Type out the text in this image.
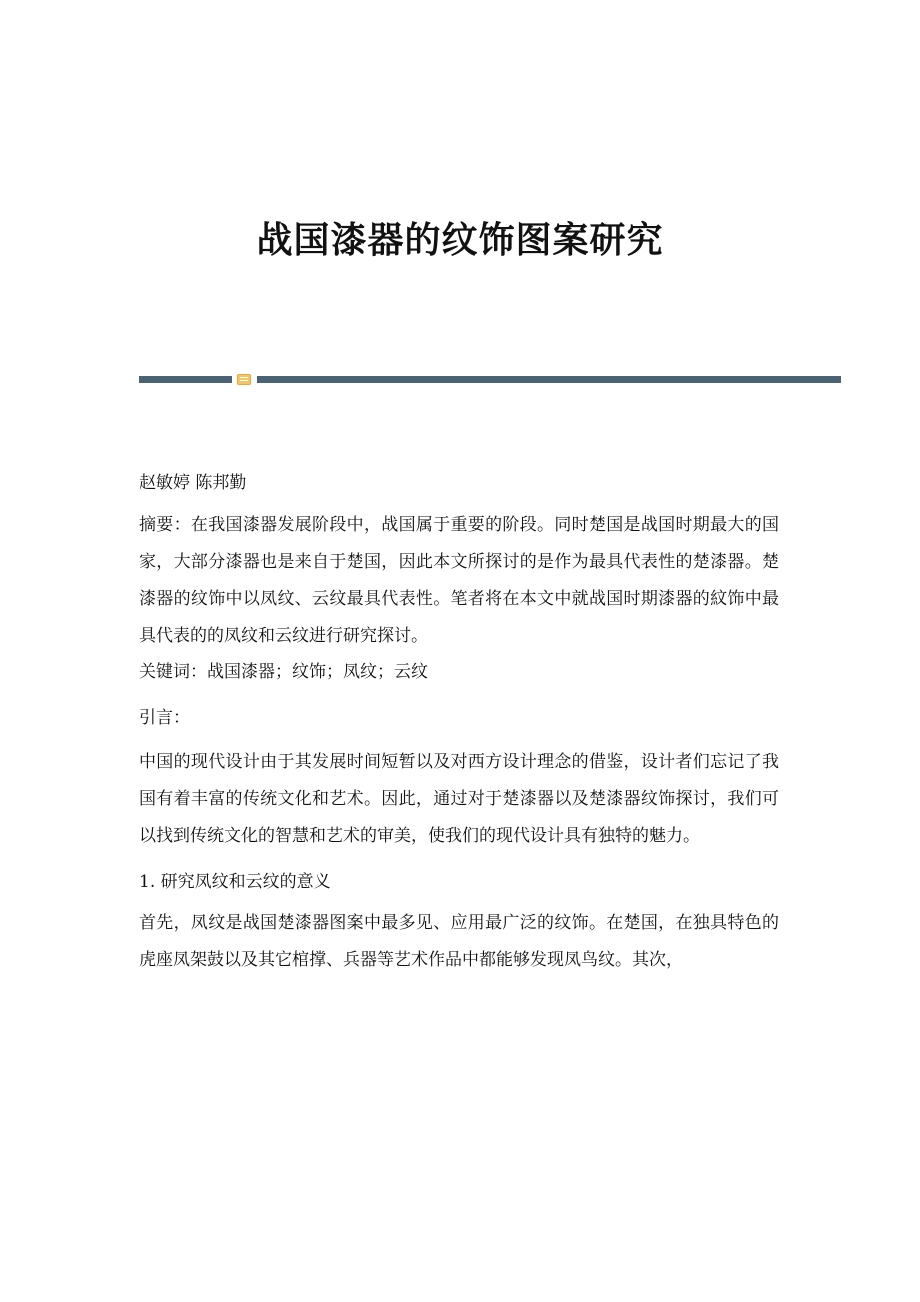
战国漆器的纹饰图案研究

赵敏婷 陈邦勤

摘要：在我国漆器发展阶段中，战国属于重要的阶段。同时楚国是战国时期最大的国家，大部分漆器也是来自于楚国，因此本文所探讨的是作为最具代表性的楚漆器。楚漆器的纹饰中以凤纹、云纹最具代表性。笔者将在本文中就战国时期漆器的紋饰中最具代表的的凤纹和云纹进行研究探讨。

关键词：战国漆器；纹饰；凤纹；云纹

引言：

中国的现代设计由于其发展时间短暂以及对西方设计理念的借鉴，设计者们忘记了我国有着丰富的传统文化和艺术。因此，通过对于楚漆器以及楚漆器纹饰探讨，我们可以找到传统文化的智慧和艺术的审美，使我们的现代设计具有独特的魅力。

1. 研究凤纹和云纹的意义

首先，凤纹是战国楚漆器图案中最多见、应用最广泛的纹饰。在楚国，在独具特色的虎座凤架鼓以及其它棺撑、兵器等艺术作品中都能够发现凤鸟纹。其次，
